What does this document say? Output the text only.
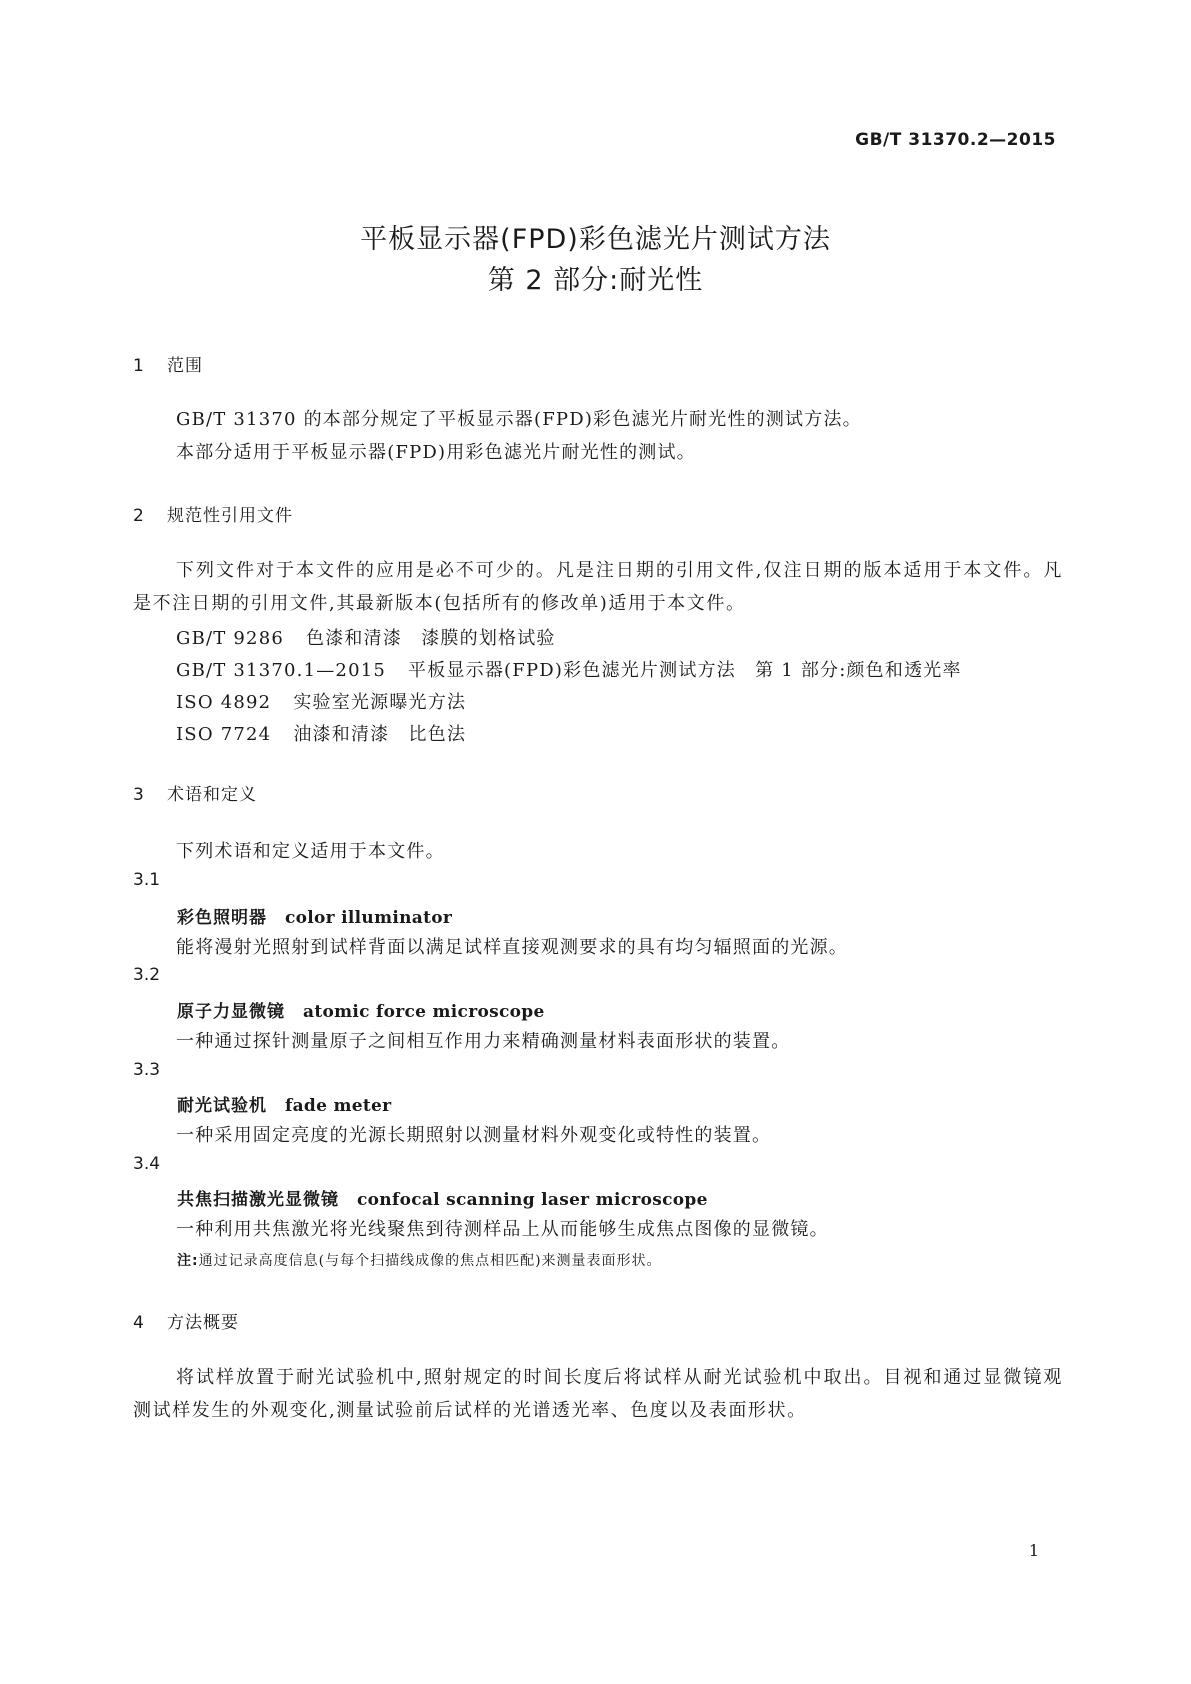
GB/T 31370.2—2015
平板显示器(FPD)彩色滤光片测试方法
第 2 部分:耐光性
1 范围
GB/T 31370 的本部分规定了平板显示器(FPD)彩色滤光片耐光性的测试方法。
本部分适用于平板显示器(FPD)用彩色滤光片耐光性的测试。
2 规范性引用文件
下列文件对于本文件的应用是必不可少的。凡是注日期的引用文件,仅注日期的版本适用于本文件。凡是不注日期的引用文件,其最新版本(包括所有的修改单)适用于本文件。
GB/T 9286 色漆和清漆　漆膜的划格试验
GB/T 31370.1—2015 平板显示器(FPD)彩色滤光片测试方法　第 1 部分:颜色和透光率
ISO 4892 实验室光源曝光方法
ISO 7724 油漆和清漆　比色法
3 术语和定义
下列术语和定义适用于本文件。
3.1
彩色照明器 color illuminator
能将漫射光照射到试样背面以满足试样直接观测要求的具有均匀辐照面的光源。
3.2
原子力显微镜 atomic force microscope
一种通过探针测量原子之间相互作用力来精确测量材料表面形状的装置。
3.3
耐光试验机 fade meter
一种采用固定亮度的光源长期照射以测量材料外观变化或特性的装置。
3.4
共焦扫描激光显微镜 confocal scanning laser microscope
一种利用共焦激光将光线聚焦到待测样品上从而能够生成焦点图像的显微镜。
注:通过记录高度信息(与每个扫描线成像的焦点相匹配)来测量表面形状。
4 方法概要
将试样放置于耐光试验机中,照射规定的时间长度后将试样从耐光试验机中取出。目视和通过显微镜观测试样发生的外观变化,测量试验前后试样的光谱透光率、色度以及表面形状。
1
